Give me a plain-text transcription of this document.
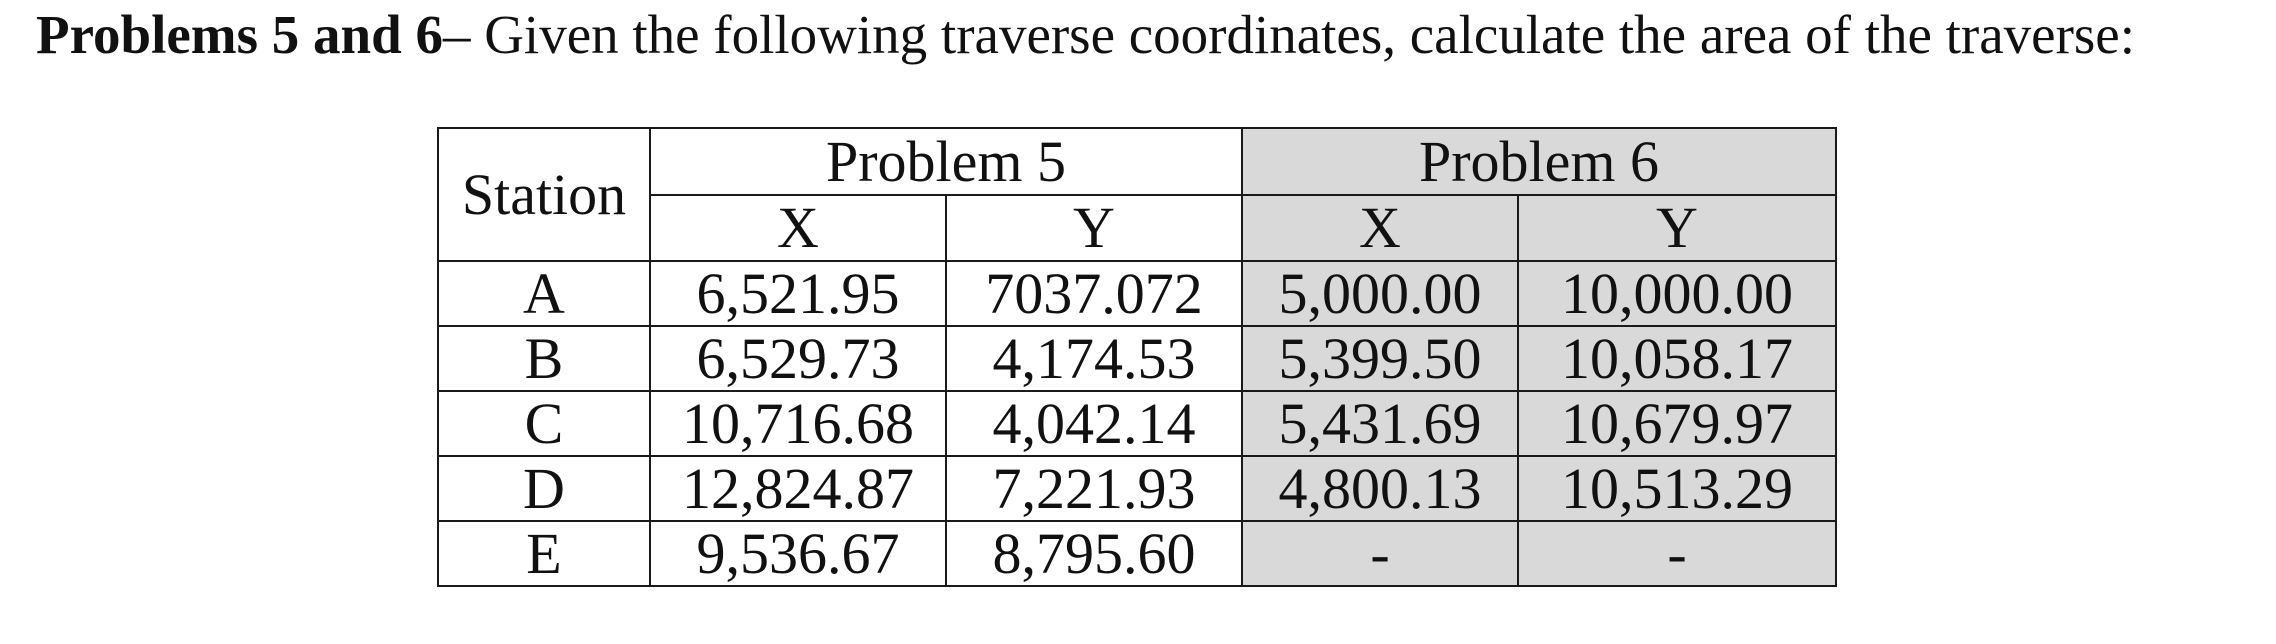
Problems 5 and 6– Given the following traverse coordinates, calculate the area of the traverse:
Station	Problem 5		Problem 6	
	X	Y	X	Y
A	6,521.95	7037.072	5,000.00	10,000.00
B	6,529.73	4,174.53	5,399.50	10,058.17
C	10,716.68	4,042.14	5,431.69	10,679.97
D	12,824.87	7,221.93	4,800.13	10,513.29
E	9,536.67	8,795.60	-	-
